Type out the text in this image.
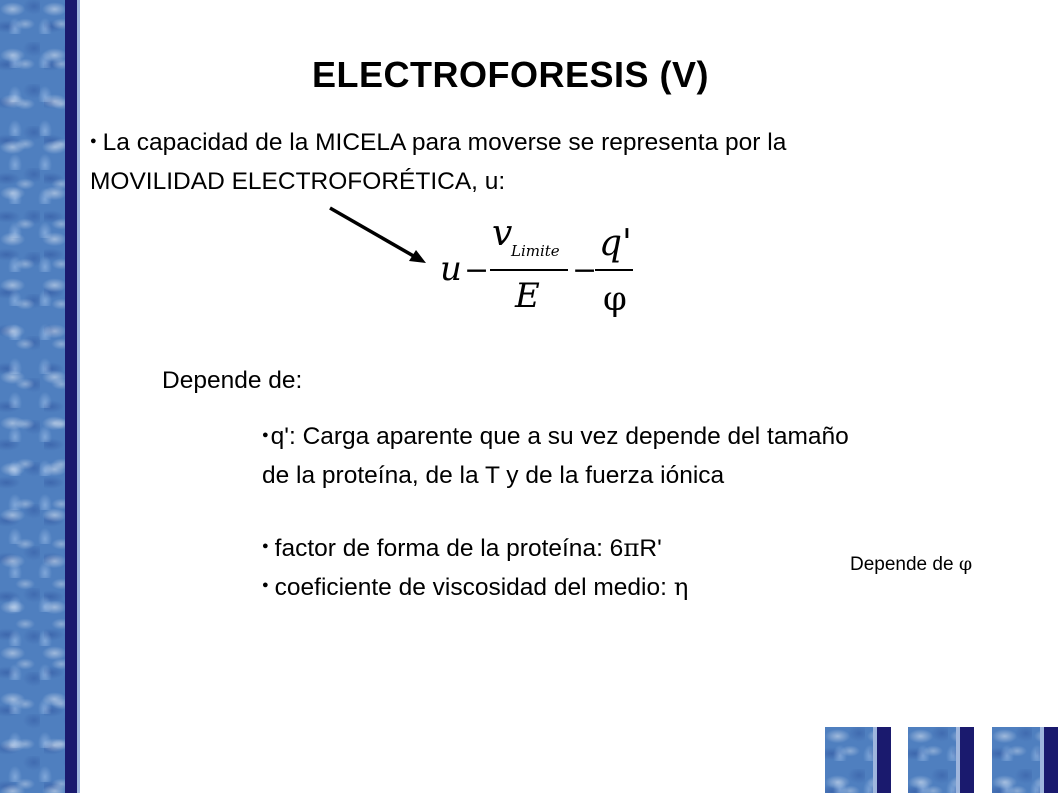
ELECTROFORESIS (V)
● La capacidad de la MICELA para moverse se representa por la
MOVILIDAD ELECTROFORÉTICA, u:
u −
v
Limite
E
−
q'
φ
Depende de:
●q': Carga aparente que a su vez depende del tamaño
de la proteína, de la T y de la fuerza iónica
● factor de forma de la proteína: 6πR'
● coeficiente de viscosidad del medio: η
Depende de φ
